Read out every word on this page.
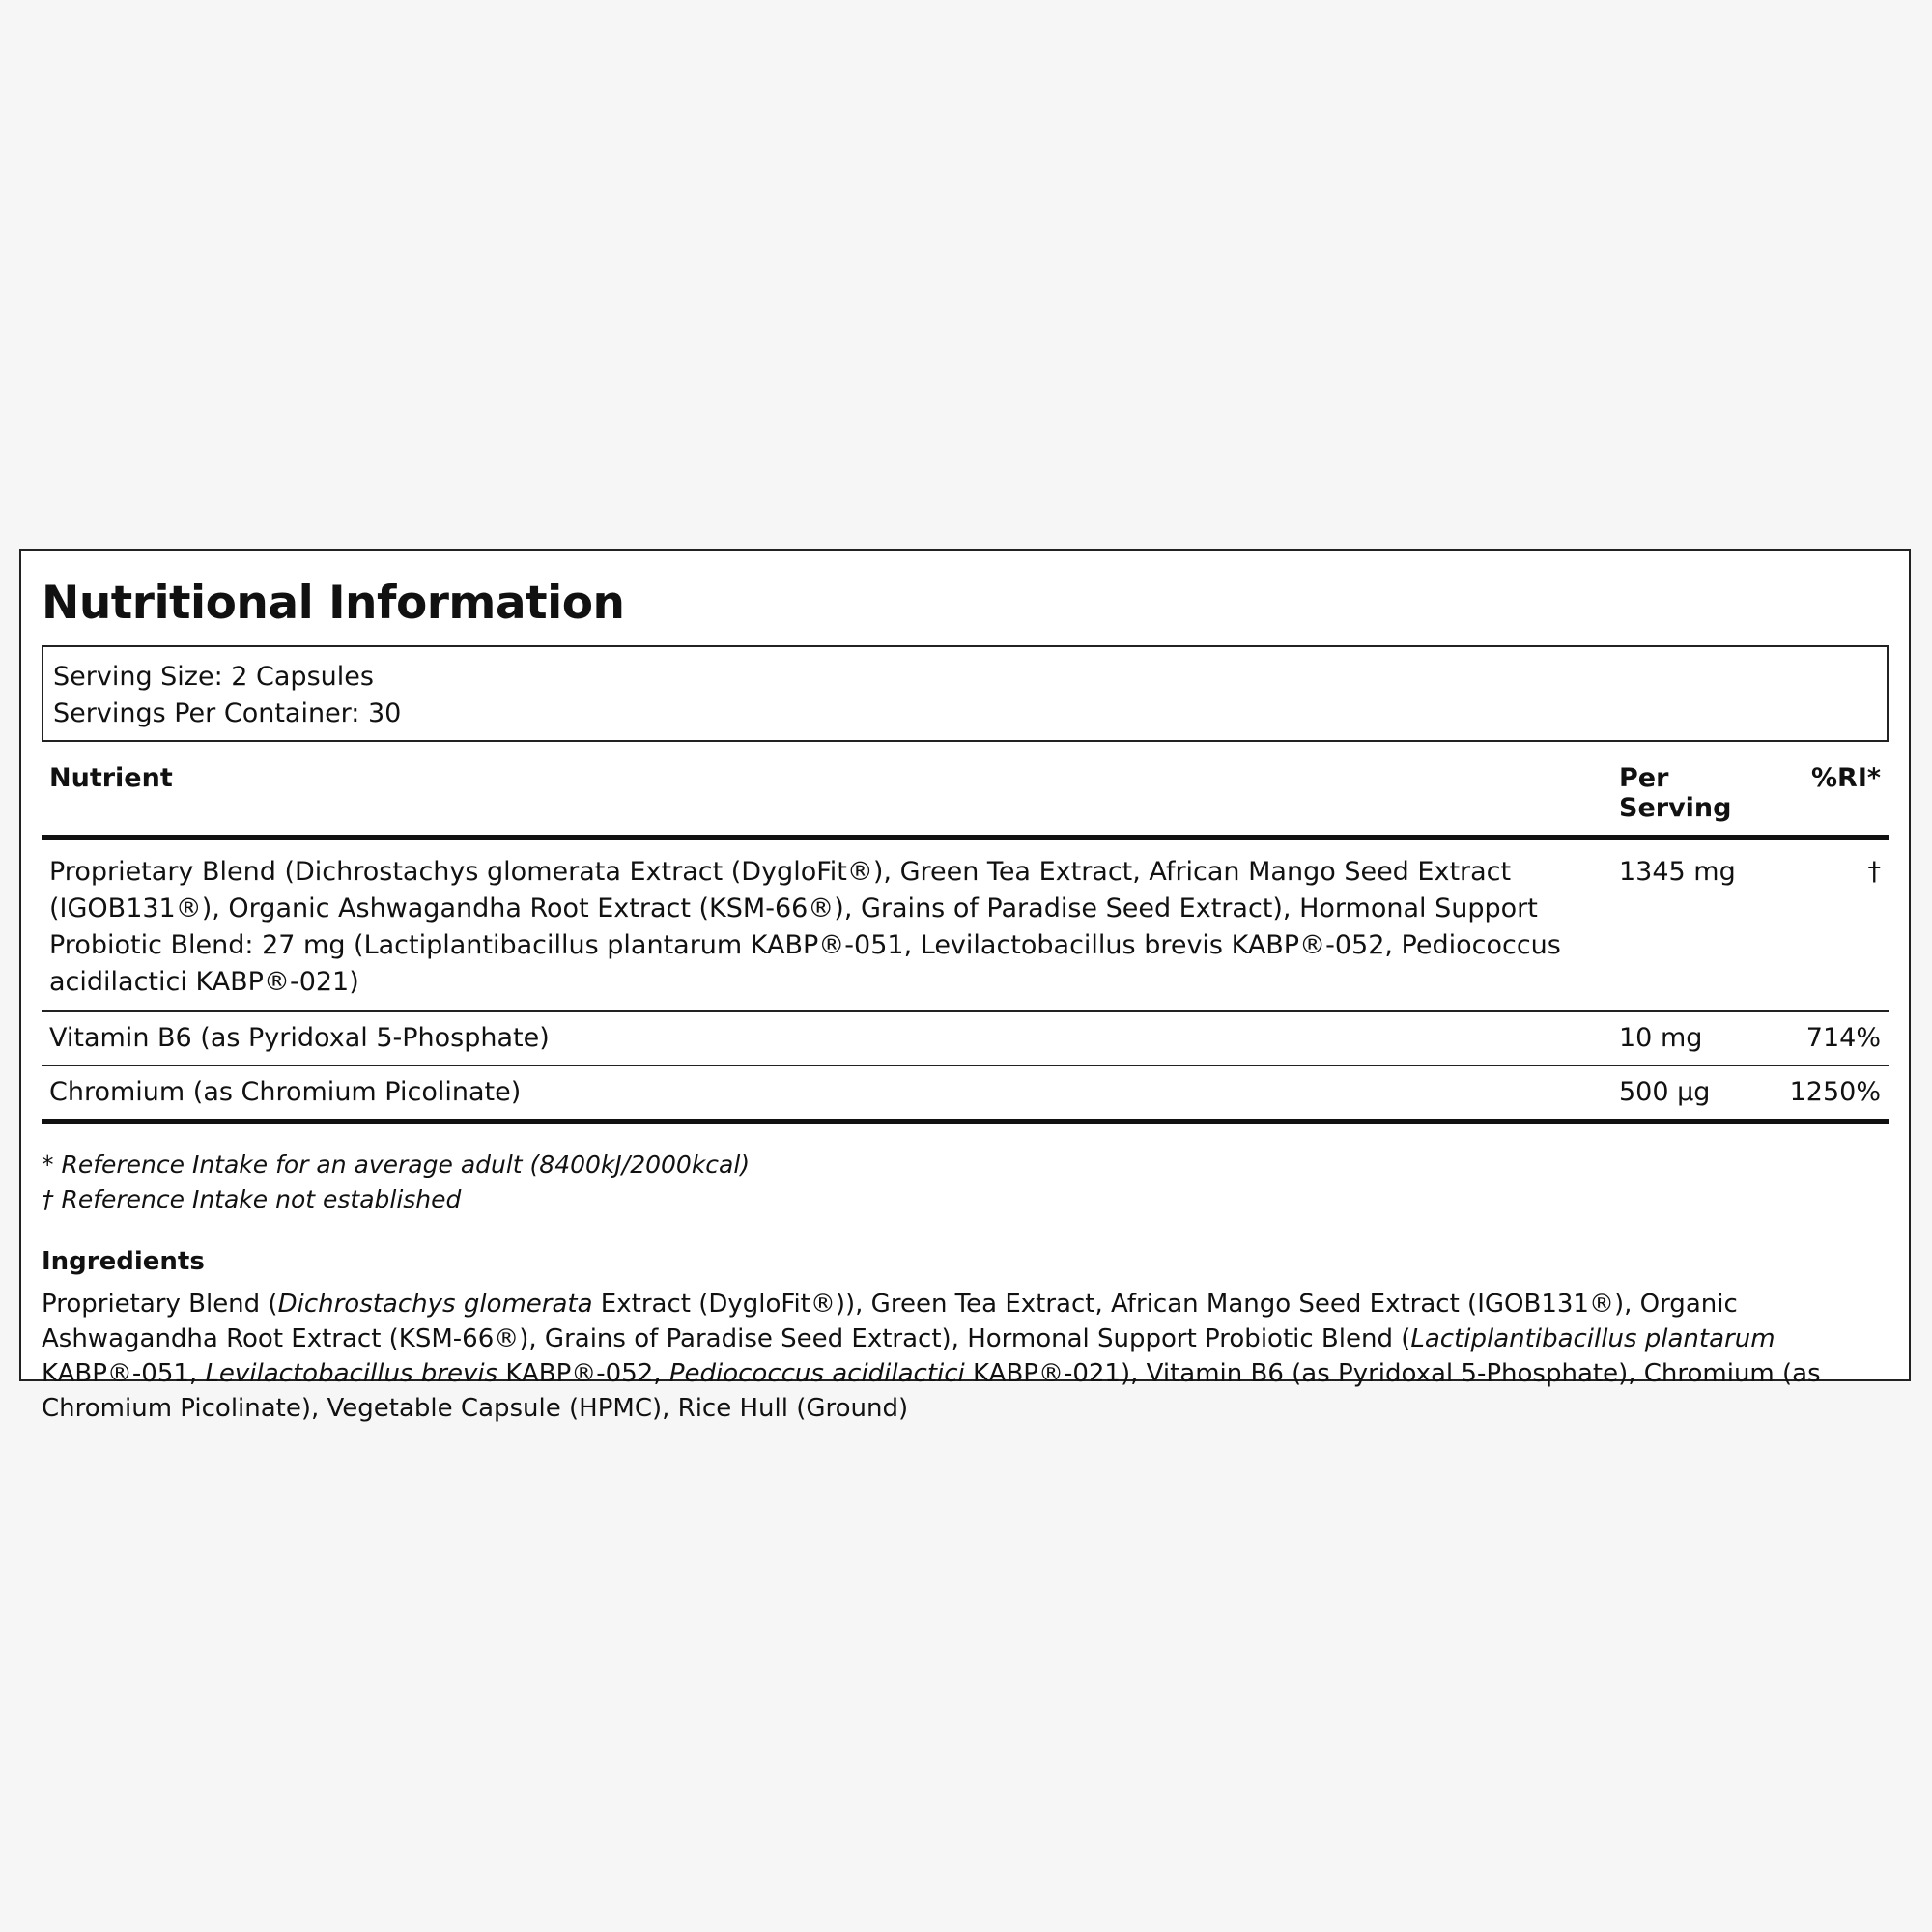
Nutritional Information
Serving Size: 2 Capsules
Servings Per Container: 30
Nutrient	Per Serving	%RI*
Proprietary Blend (Dichrostachys glomerata Extract (DygloFit®), Green Tea Extract, African Mango Seed Extract (IGOB131®), Organic Ashwagandha Root Extract (KSM-66®), Grains of Paradise Seed Extract), Hormonal Support Probiotic Blend: 27 mg (Lactiplantibacillus plantarum KABP®-051, Levilactobacillus brevis KABP®-052, Pediococcus acidilactici KABP®-021)	1345 mg	†
Vitamin B6 (as Pyridoxal 5-Phosphate)	10 mg	714%
Chromium (as Chromium Picolinate)	500 µg	1250%
* Reference Intake for an average adult (8400kJ/2000kcal)
† Reference Intake not established
Ingredients
Proprietary Blend (Dichrostachys glomerata Extract (DygloFit®)), Green Tea Extract, African Mango Seed Extract (IGOB131®), Organic Ashwagandha Root Extract (KSM-66®), Grains of Paradise Seed Extract), Hormonal Support Probiotic Blend (Lactiplantibacillus plantarum KABP®-051, Levilactobacillus brevis KABP®-052, Pediococcus acidilactici KABP®-021), Vitamin B6 (as Pyridoxal 5-Phosphate), Chromium (as Chromium Picolinate), Vegetable Capsule (HPMC), Rice Hull (Ground)
